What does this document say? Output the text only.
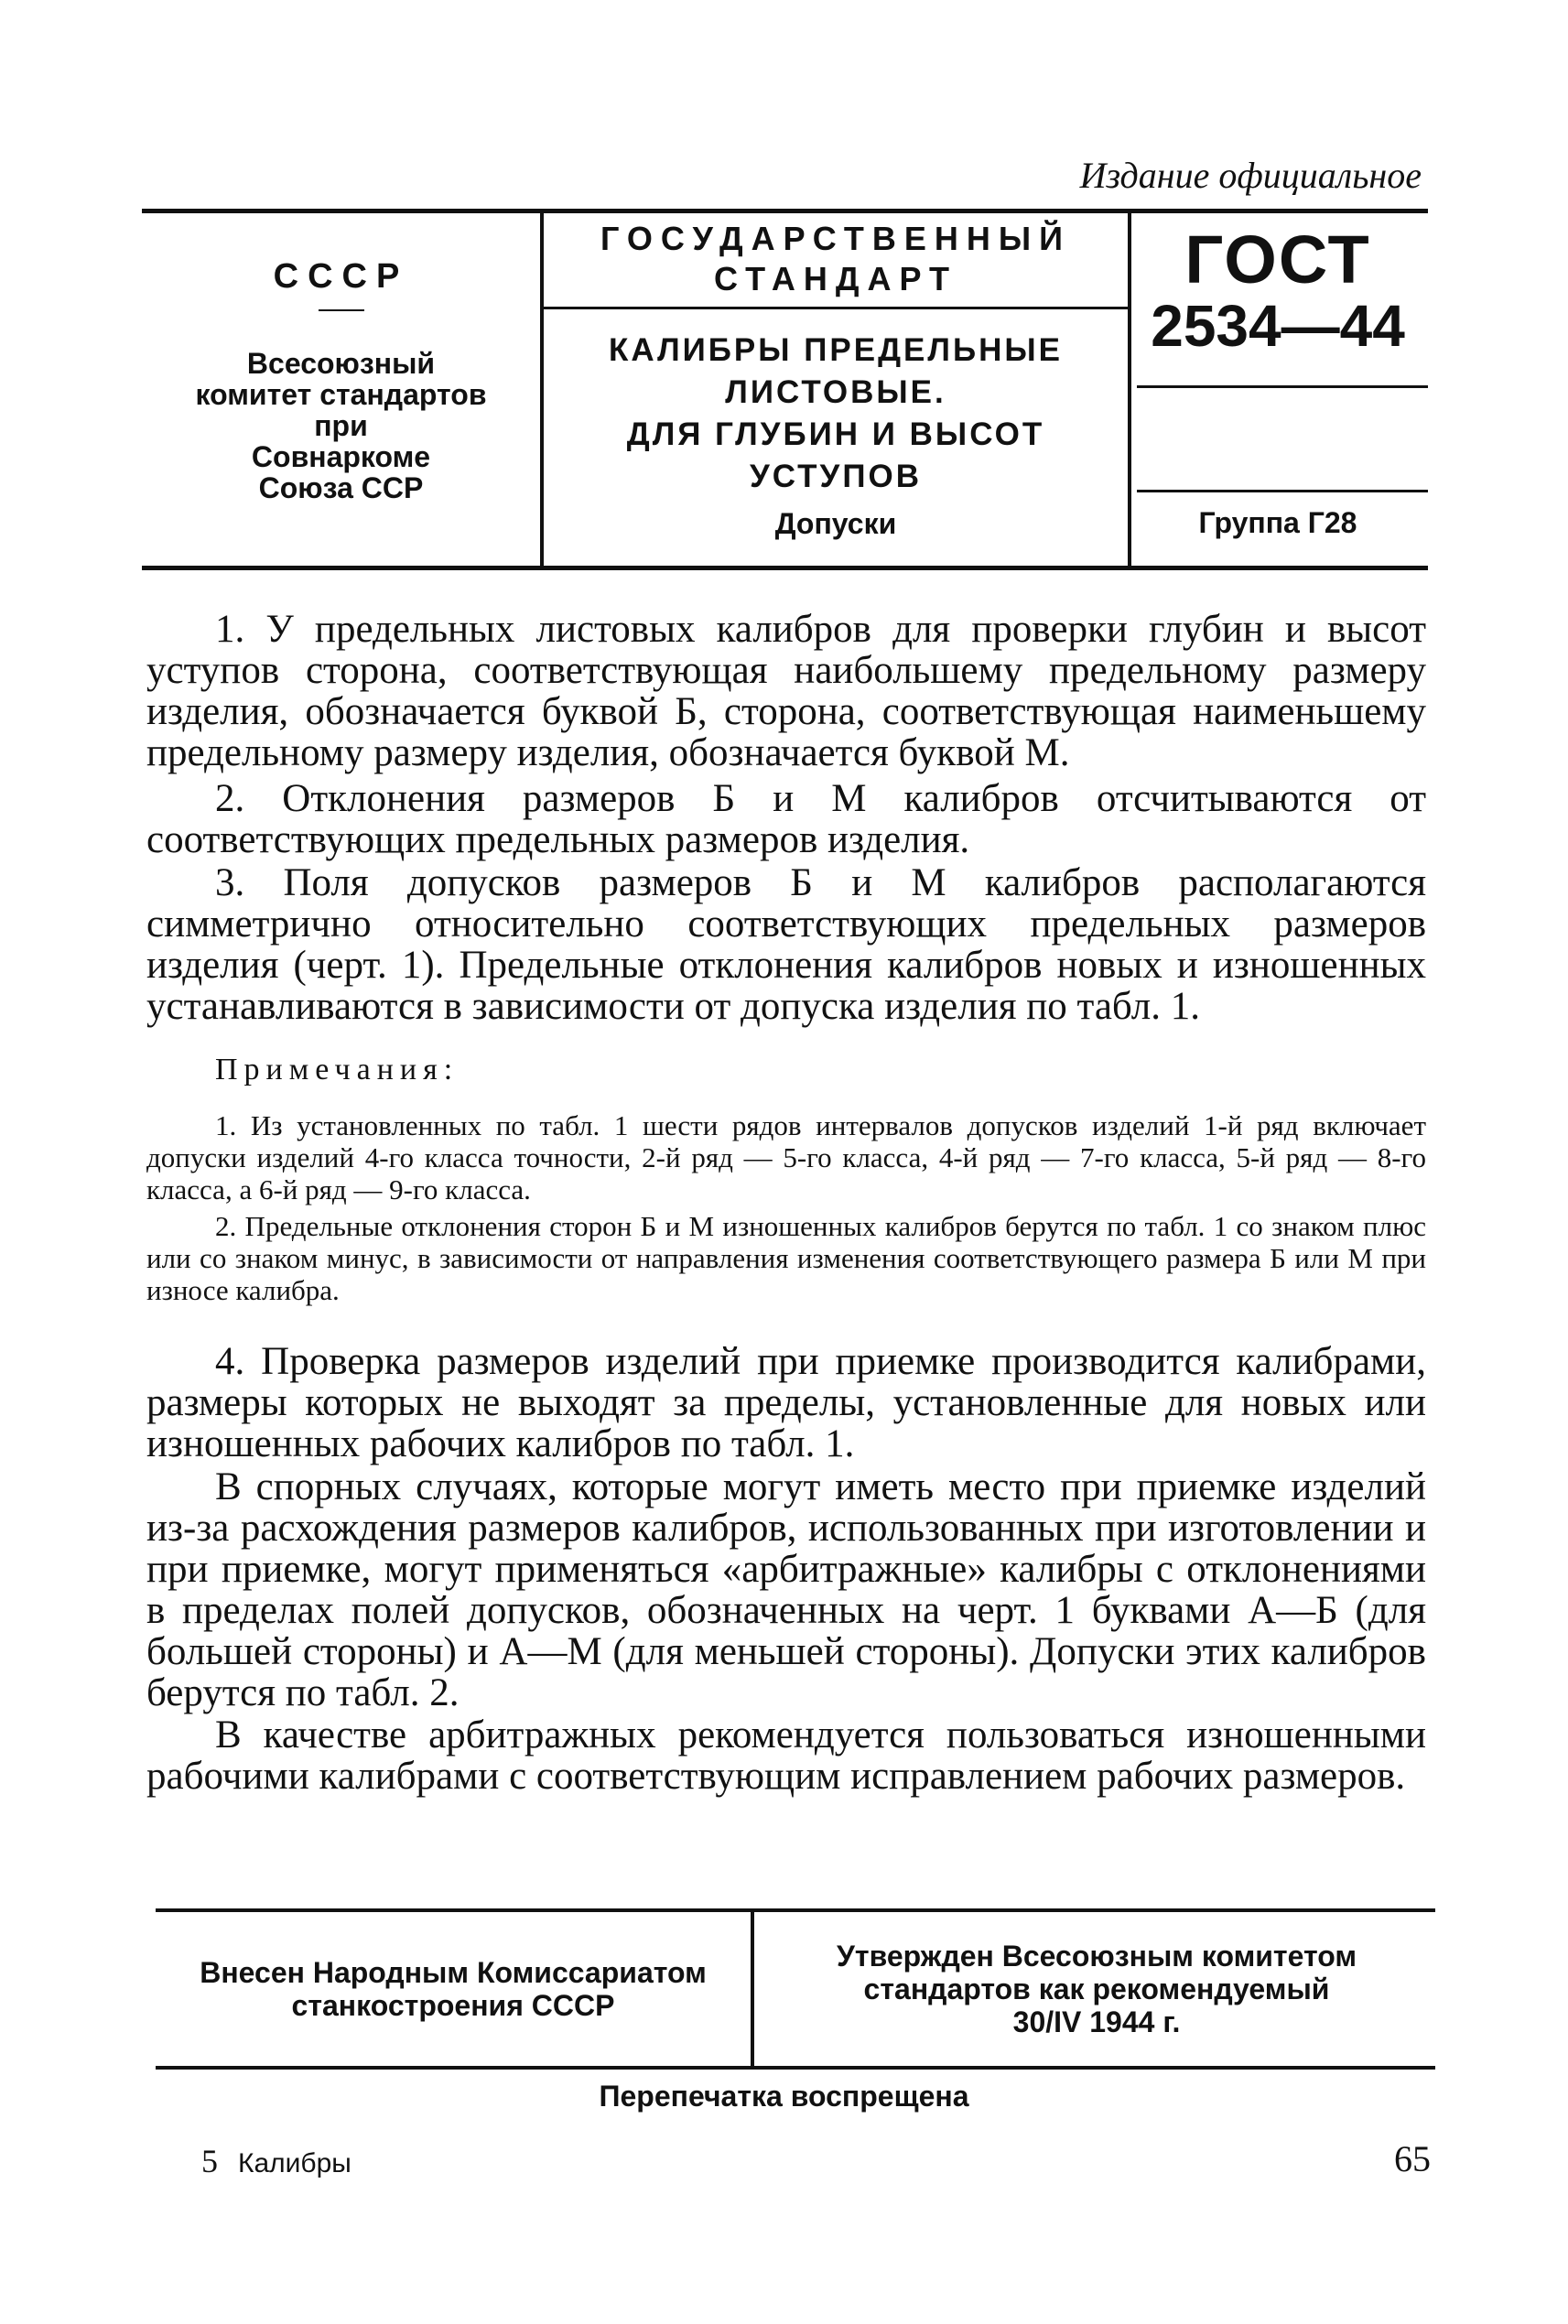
Издание официальное
СССР
Всесоюзный
комитет стандартов
при
Совнаркоме
Союза ССР
ГОСУДАРСТВЕННЫЙ
СТАНДАРТ
КАЛИБРЫ ПРЕДЕЛЬНЫЕ
ЛИСТОВЫЕ.
ДЛЯ ГЛУБИН И ВЫСОТ
УСТУПОВ
Допуски
ГОСТ
2534—44
Группа Г28

1. У предельных листовых калибров для проверки глубин и высот уступов сторона, соответствующая наибольшему предельному размеру изделия, обозначается буквой Б, сторона, соответствующая наименьшему предельному размеру изделия, обозначается буквой М.

2. Отклонения размеров Б и М калибров отсчитываются от соответствующих предельных размеров изделия.

3. Поля допусков размеров Б и М калибров располагаются симметрично относительно соответствующих предельных размеров изделия (черт. 1). Предельные отклонения калибров новых и изношенных устанавливаются в зависимости от допуска изделия по табл. 1.

Примечания:

1. Из установленных по табл. 1 шести рядов интервалов допусков изделий 1-й ряд включает допуски изделий 4-го класса точности, 2-й ряд — 5-го класса, 4-й ряд — 7-го класса, 5-й ряд — 8-го класса, а 6-й ряд — 9-го класса.

2. Предельные отклонения сторон Б и М изношенных калибров берутся по табл. 1 со знаком плюс или со знаком минус, в зависимости от направления изменения соответствующего размера Б или М при износе калибра.

4. Проверка размеров изделий при приемке производится калибрами, размеры которых не выходят за пределы, установленные для новых или изношенных рабочих калибров по табл. 1.

В спорных случаях, которые могут иметь место при приемке изделий из-за расхождения размеров калибров, использованных при изготовлении и при приемке, могут применяться «арбитражные» калибры с отклонениями в пределах полей допусков, обозначенных на черт. 1 буквами А—Б (для большей стороны) и А—М (для меньшей стороны). Допуски этих калибров берутся по табл. 2.

В качестве арбитражных рекомендуется пользоваться изношенными рабочими калибрами с соответствующим исправлением рабочих размеров.

Внесен Народным Комиссариатом
станкостроения СССР
Утвержден Всесоюзным комитетом
стандартов как рекомендуемый
30/IV 1944 г.
Перепечатка воспрещена
5 Калибры	65
